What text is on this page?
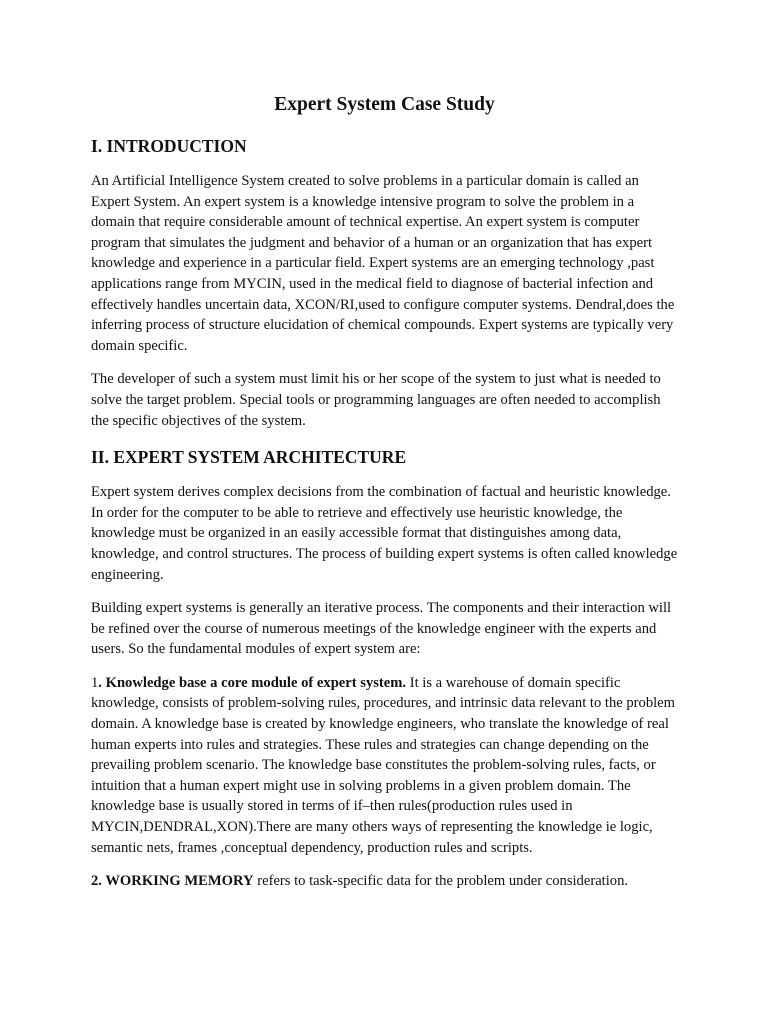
Expert System Case Study
I. INTRODUCTION

An Artificial Intelligence System created to solve problems in a particular domain is called an Expert System. An expert system is a knowledge intensive program to solve the problem in a domain that require considerable amount of technical expertise. An expert system is computer program that simulates the judgment and behavior of a human or an organization that has expert knowledge and experience in a particular field. Expert systems are an emerging technology ,past applications range from MYCIN, used in the medical field to diagnose of bacterial infection and effectively handles uncertain data, XCON/RI,used to configure computer systems. Dendral,does the inferring process of structure elucidation of chemical compounds. Expert systems are typically very domain specific.

The developer of such a system must limit his or her scope of the system to just what is needed to solve the target problem. Special tools or programming languages are often needed to accomplish the specific objectives of the system.

II. EXPERT SYSTEM ARCHITECTURE

Expert system derives complex decisions from the combination of factual and heuristic knowledge. In order for the computer to be able to retrieve and effectively use heuristic knowledge, the knowledge must be organized in an easily accessible format that distinguishes among data, knowledge, and control structures. The process of building expert systems is often called knowledge engineering.

Building expert systems is generally an iterative process. The components and their interaction will be refined over the course of numerous meetings of the knowledge engineer with the experts and users. So the fundamental modules of expert system are:

1. Knowledge base a core module of expert system. It is a warehouse of domain specific knowledge, consists of problem-solving rules, procedures, and intrinsic data relevant to the problem domain. A knowledge base is created by knowledge engineers, who translate the knowledge of real human experts into rules and strategies. These rules and strategies can change depending on the prevailing problem scenario. The knowledge base constitutes the problem-solving rules, facts, or intuition that a human expert might use in solving problems in a given problem domain. The knowledge base is usually stored in terms of if–then rules(production rules used in MYCIN,DENDRAL,XON).There are many others ways of representing the knowledge ie logic, semantic nets, frames ,conceptual dependency, production rules and scripts.

2. WORKING MEMORY refers to task-specific data for the problem under consideration.
